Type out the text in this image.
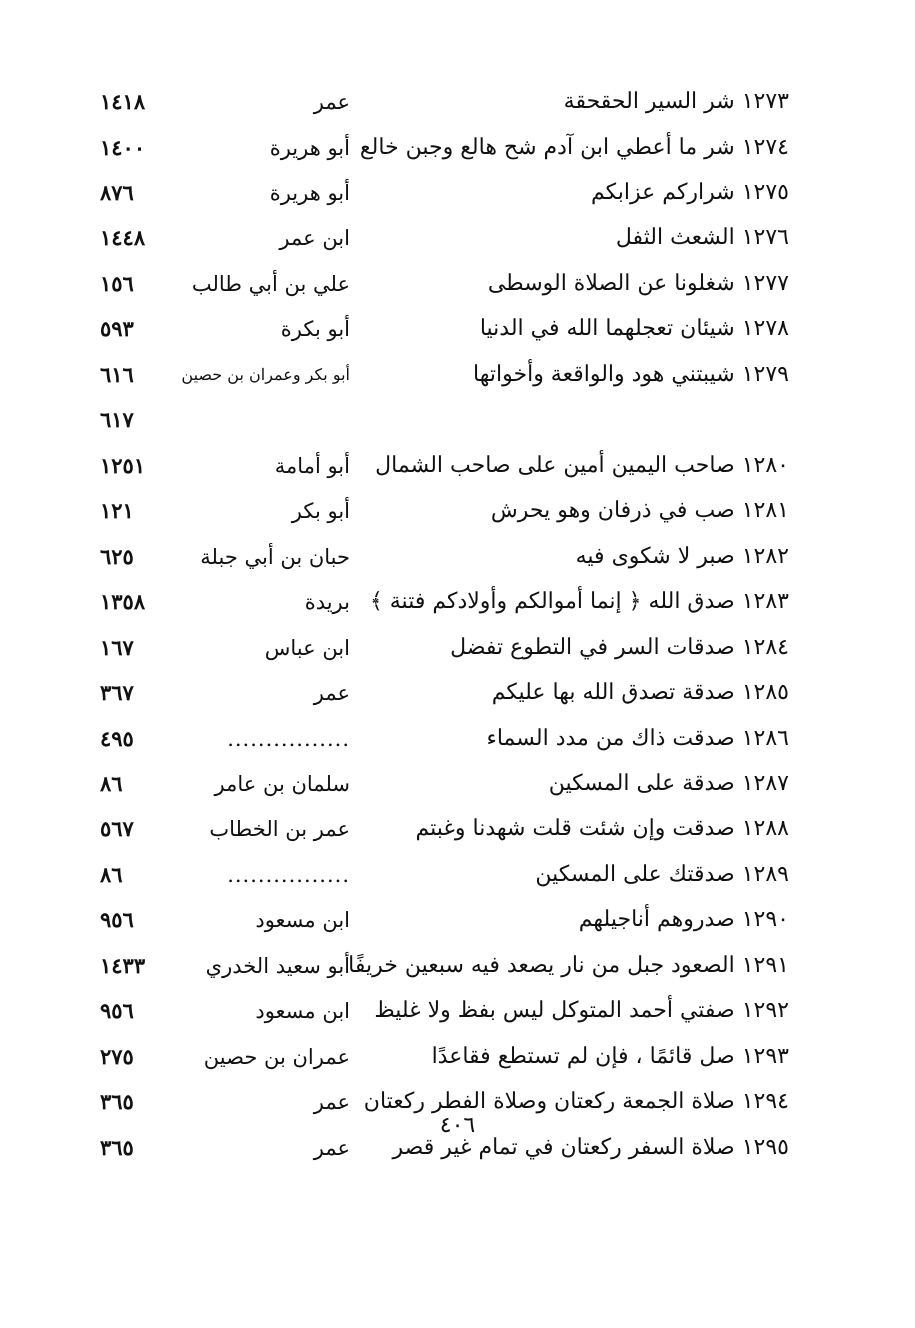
١٢٧٣ شر السير الحقحقة
عمر
١٤١٨
١٢٧٤ شر ما أعطي ابن آدم شح هالع وجبن خالع
أبو هريرة
١٤٠٠
١٢٧٥ شراركم عزابكم
أبو هريرة
٨٧٦
١٢٧٦ الشعث الثفل
ابن عمر
١٤٤٨
١٢٧٧ شغلونا عن الصلاة الوسطى
علي بن أبي طالب
١٥٦
١٢٧٨ شيئان تعجلهما الله في الدنيا
أبو بكرة
٥٩٣
١٢٧٩ شيبتني هود والواقعة وأخواتها
أبو بكر وعمران بن حصين
٦١٦
٦١٧
١٢٨٠ صاحب اليمين أمين على صاحب الشمال
أبو أمامة
١٢٥١
١٢٨١ صب في ذرفان وهو يحرش
أبو بكر
١٢١
١٢٨٢ صبر لا شكوى فيه
حبان بن أبي جبلة
٦٢٥
١٢٨٣ صدق الله ﴿ إنما أموالكم وأولادكم فتنة ﴾
بريدة
١٣٥٨
١٢٨٤ صدقات السر في التطوع تفضل
ابن عباس
١٦٧
١٢٨٥ صدقة تصدق الله بها عليكم
عمر
٣٦٧
١٢٨٦ صدقت ذاك من مدد السماء
................
٤٩٥
١٢٨٧ صدقة على المسكين
سلمان بن عامر
٨٦
١٢٨٨ صدقت وإن شئت قلت شهدنا وغبتم
عمر بن الخطاب
٥٦٧
١٢٨٩ صدقتك على المسكين
................
٨٦
١٢٩٠ صدروهم أناجيلهم
ابن مسعود
٩٥٦
١٢٩١ الصعود جبل من نار يصعد فيه سبعين خريفًا
أبو سعيد الخدري
١٤٣٣
١٢٩٢ صفتي أحمد المتوكل ليس بفظ ولا غليظ
ابن مسعود
٩٥٦
١٢٩٣ صل قائمًا ، فإن لم تستطع فقاعدًا
عمران بن حصين
٢٧٥
١٢٩٤ صلاة الجمعة ركعتان وصلاة الفطر ركعتان
عمر
٣٦٥
١٢٩٥ صلاة السفر ركعتان في تمام غير قصر
عمر
٣٦٥
٤٠٦
